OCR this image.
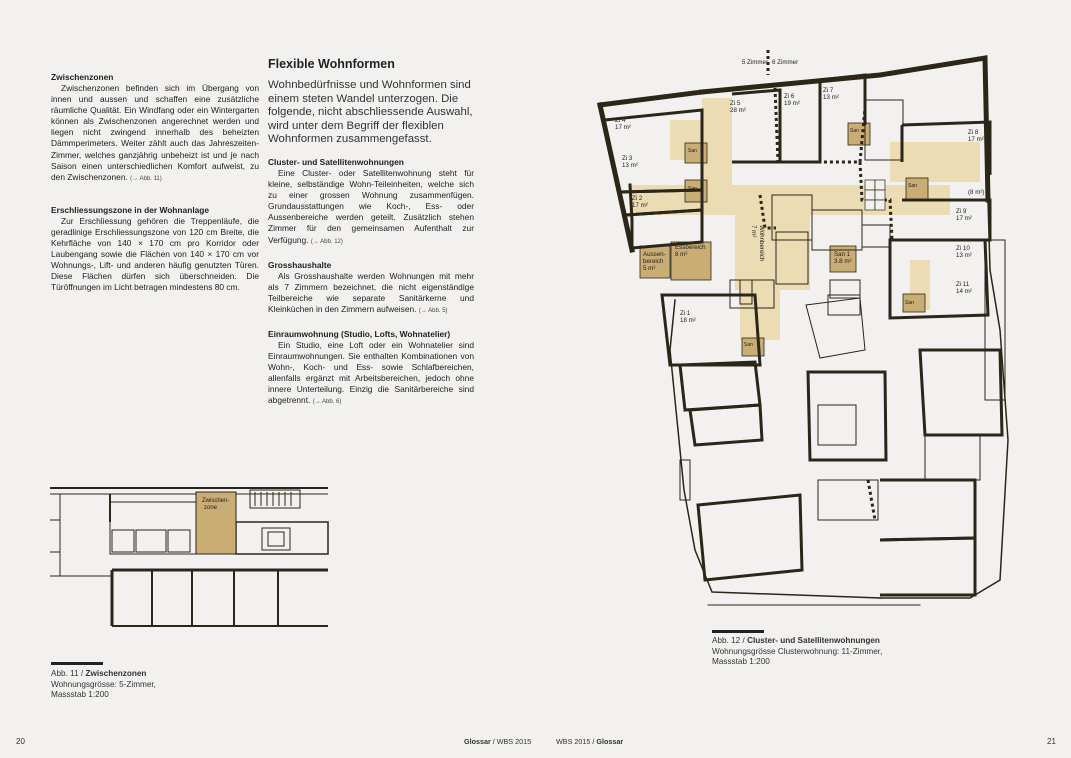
Zwischenzonen

Zwischenzonen befinden sich im Übergang von innen und aussen und schaffen eine zusätzliche räumliche Qualität. Ein Windfang oder ein Wintergarten können als Zwischenzonen angerechnet werden und liegen nicht zwingend innerhalb des beheizten Dämmperimeters. Weiter zählt auch das Jahreszeiten-Zimmer, welches ganzjährig unbeheizt ist und je nach Saison einen unterschiedlichen Komfort aufweist, zu den Zwischenzonen. (→ Abb. 11)

Erschliessungszone in der Wohnanlage

Zur Erschliessung gehören die Treppenläufe, die geradlinige Erschliessungszone von 120 cm Breite, die Kehrfläche von 140 × 170 cm pro Korridor oder Laubengang sowie die Flächen von 140 × 170 cm vor Wohnungs-, Lift- und anderen häufig genutzten Türen. Diese Flächen dürfen sich überschneiden. Die Türöffnungen im Licht betragen mindestens 80 cm.

Flexible Wohnformen

Wohnbedürfnisse und Wohnformen sind einem steten Wandel unterzogen. Die folgende, nicht abschliessende Auswahl, wird unter dem Begriff der flexiblen Wohnformen zusammengefasst.

Cluster- und Satellitenwohnungen

Eine Cluster- oder Satellitenwohnung steht für kleine, selbständige Wohn-Teileinheiten, welche sich zu einer grossen Wohnung zusammenfügen. Grundausstattungen wie Koch-, Ess- oder Aussenbereiche werden geteilt. Zusätzlich stehen Zimmer für den gemeinsamen Aufenthalt zur Verfügung. (→ Abb. 12)

Grosshaushalte

Als Grosshaushalte werden Wohnungen mit mehr als 7 Zimmern bezeichnet, die nicht eigenständige Teilbereiche wie separate Sanitärkerne und Kleinküchen in den Zimmern aufweisen. (→ Abb. 5)

Einraumwohnung (Studio, Lofts, Wohnatelier)

Ein Studio, eine Loft oder ein Wohnatelier sind Einraumwohnungen. Sie enthalten Kombinationen von Wohn-, Koch- und Ess- sowie Schlafbereichen, allenfalls ergänzt mit Arbeitsbereichen, jedoch ohne innere Unterteilung. Einzig die Sanitärbereiche sind abgetrennt. (→ Abb. 6)

Zwischen-
zone
Abb. 11 / Zwischenzonen
Wohnungsgrösse: 5-Zimmer,
Massstab 1:200
5 Zimmer 6 Zimmer
Zi 4
17 m²
Zi 3
13 m²
Zi 2
17 m²
Zi 5
28 m²
Zi 6
19 m²
Zi 7
13 m²
Zi 8
17 m²
(8 m²)
Zi 9
17 m²
Zi 10
13 m²
Zi 11
14 m²
Zi 1
18 m²
Aussen-
bereich
5 m²
Essbereich
8 m²	Wohnbereich
7 m²
San 1
3.8 m²
San
San
San	San
San
San
Abb. 12 / Cluster- und Satellitenwohnungen
Wohnungsgrösse Clusterwohnung: 11-Zimmer,
Massstab 1:200
20	Glossar / WBS 2015	WBS 2015 / Glossar	21
